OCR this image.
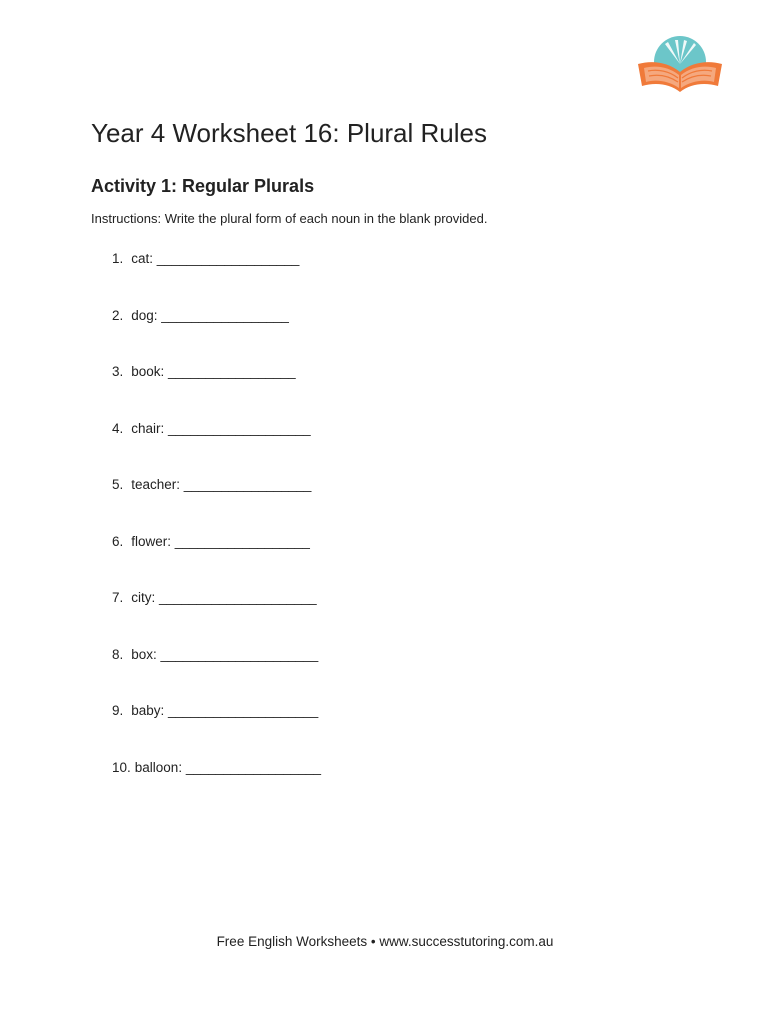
Year 4 Worksheet 16: Plural Rules
Activity 1: Regular Plurals

Instructions: Write the plural form of each noun in the blank provided.

1. cat: ___________________
2. dog: _________________
3. book: _________________
4. chair: ___________________
5. teacher: _________________
6. flower: __________________
7. city: _____________________
8. box: _____________________
9. baby: ____________________
10. balloon: __________________
Free English Worksheets • www.successtutoring.com.au
